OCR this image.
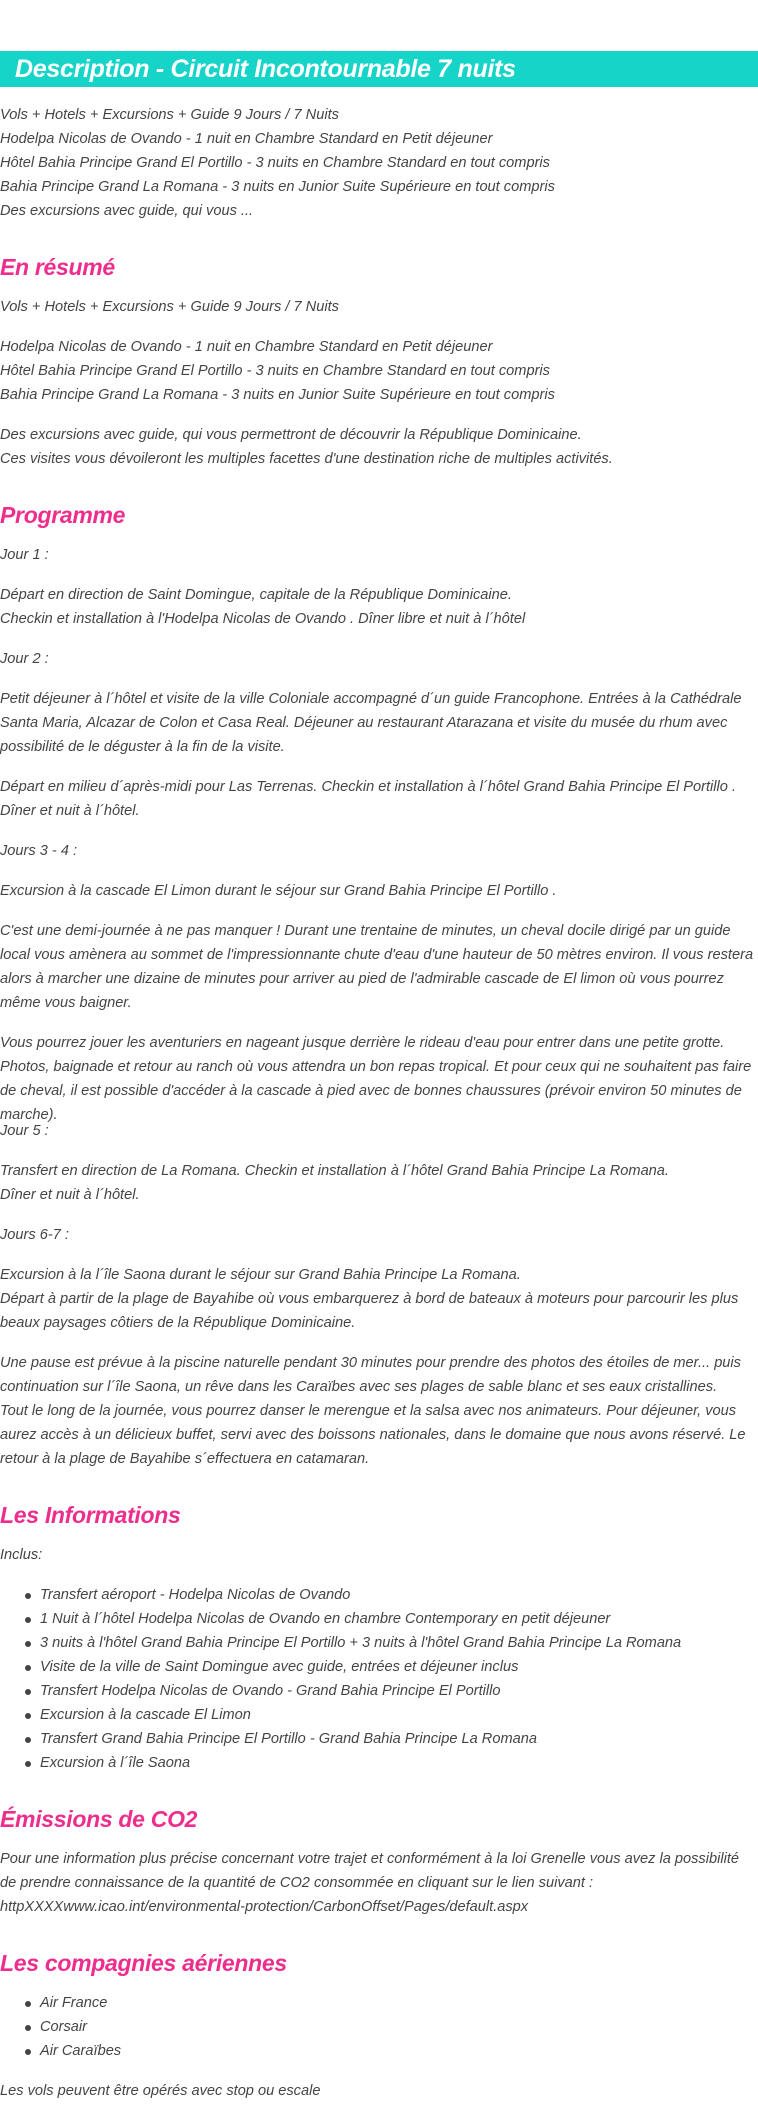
Description - Circuit Incontournable 7 nuits
Vols + Hotels + Excursions + Guide 9 Jours / 7 Nuits
Hodelpa Nicolas de Ovando - 1 nuit en Chambre Standard en Petit déjeuner
Hôtel Bahia Principe Grand El Portillo - 3 nuits en Chambre Standard en tout compris
Bahia Principe Grand La Romana - 3 nuits en Junior Suite Supérieure en tout compris
Des excursions avec guide, qui vous ...
En résumé
Vols + Hotels + Excursions + Guide 9 Jours / 7 Nuits
Hodelpa Nicolas de Ovando - 1 nuit en Chambre Standard en Petit déjeuner
Hôtel Bahia Principe Grand El Portillo - 3 nuits en Chambre Standard en tout compris
Bahia Principe Grand La Romana - 3 nuits en Junior Suite Supérieure en tout compris
Des excursions avec guide, qui vous permettront de découvrir la République Dominicaine.
Ces visites vous dévoileront les multiples facettes d'une destination riche de multiples activités.
Programme
Jour 1 :
Départ en direction de Saint Domingue, capitale de la République Dominicaine.
Checkin et installation à l'Hodelpa Nicolas de Ovando . Dîner libre et nuit à l´hôtel
Jour 2 :
Petit déjeuner à l´hôtel et visite de la ville Coloniale accompagné d´un guide Francophone. Entrées à la Cathédrale Santa Maria, Alcazar de Colon et Casa Real. Déjeuner au restaurant Atarazana et visite du musée du rhum avec possibilité de le déguster à la fin de la visite.
Départ en milieu d´après-midi pour Las Terrenas. Checkin et installation à l´hôtel Grand Bahia Principe El Portillo .
Dîner et nuit à l´hôtel.
Jours 3 - 4 :
Excursion à la cascade El Limon durant le séjour sur Grand Bahia Principe El Portillo .
C'est une demi-journée à ne pas manquer ! Durant une trentaine de minutes, un cheval docile dirigé par un guide local vous amènera au sommet de l'impressionnante chute d'eau d'une hauteur de 50 mètres environ. Il vous restera alors à marcher une dizaine de minutes pour arriver au pied de l'admirable cascade de El limon où vous pourrez même vous baigner.
Vous pourrez jouer les aventuriers en nageant jusque derrière le rideau d'eau pour entrer dans une petite grotte. Photos, baignade et retour au ranch où vous attendra un bon repas tropical. Et pour ceux qui ne souhaitent pas faire de cheval, il est possible d'accéder à la cascade à pied avec de bonnes chaussures (prévoir environ 50 minutes de marche).
Jour 5 :
Transfert en direction de La Romana. Checkin et installation à l´hôtel Grand Bahia Principe La Romana.
Dîner et nuit à l´hôtel.
Jours 6-7 :
Excursion à la l´île Saona durant le séjour sur Grand Bahia Principe La Romana.
Départ à partir de la plage de Bayahibe où vous embarquerez à bord de bateaux à moteurs pour parcourir les plus beaux paysages côtiers de la République Dominicaine.
Une pause est prévue à la piscine naturelle pendant 30 minutes pour prendre des photos des étoiles de mer... puis continuation sur l´île Saona, un rêve dans les Caraïbes avec ses plages de sable blanc et ses eaux cristallines.
Tout le long de la journée, vous pourrez danser le merengue et la salsa avec nos animateurs. Pour déjeuner, vous aurez accès à un délicieux buffet, servi avec des boissons nationales, dans le domaine que nous avons réservé. Le retour à la plage de Bayahibe s´effectuera en catamaran.
Les Informations
Inclus:
Transfert aéroport - Hodelpa Nicolas de Ovando
1 Nuit à l´hôtel Hodelpa Nicolas de Ovando en chambre Contemporary en petit déjeuner
3 nuits à l'hôtel Grand Bahia Principe El Portillo + 3 nuits à l'hôtel Grand Bahia Principe La Romana
Visite de la ville de Saint Domingue avec guide, entrées et déjeuner inclus
Transfert Hodelpa Nicolas de Ovando - Grand Bahia Principe El Portillo
Excursion à la cascade El Limon
Transfert Grand Bahia Principe El Portillo - Grand Bahia Principe La Romana
Excursion à l´île Saona
Émissions de CO2
Pour une information plus précise concernant votre trajet et conformément à la loi Grenelle vous avez la possibilité de prendre connaissance de la quantité de CO2 consommée en cliquant sur le lien suivant :
httpXXXXwww.icao.int/environmental-protection/CarbonOffset/Pages/default.aspx
Les compagnies aériennes
Air France
Corsair
Air Caraïbes
Les vols peuvent être opérés avec stop ou escale
